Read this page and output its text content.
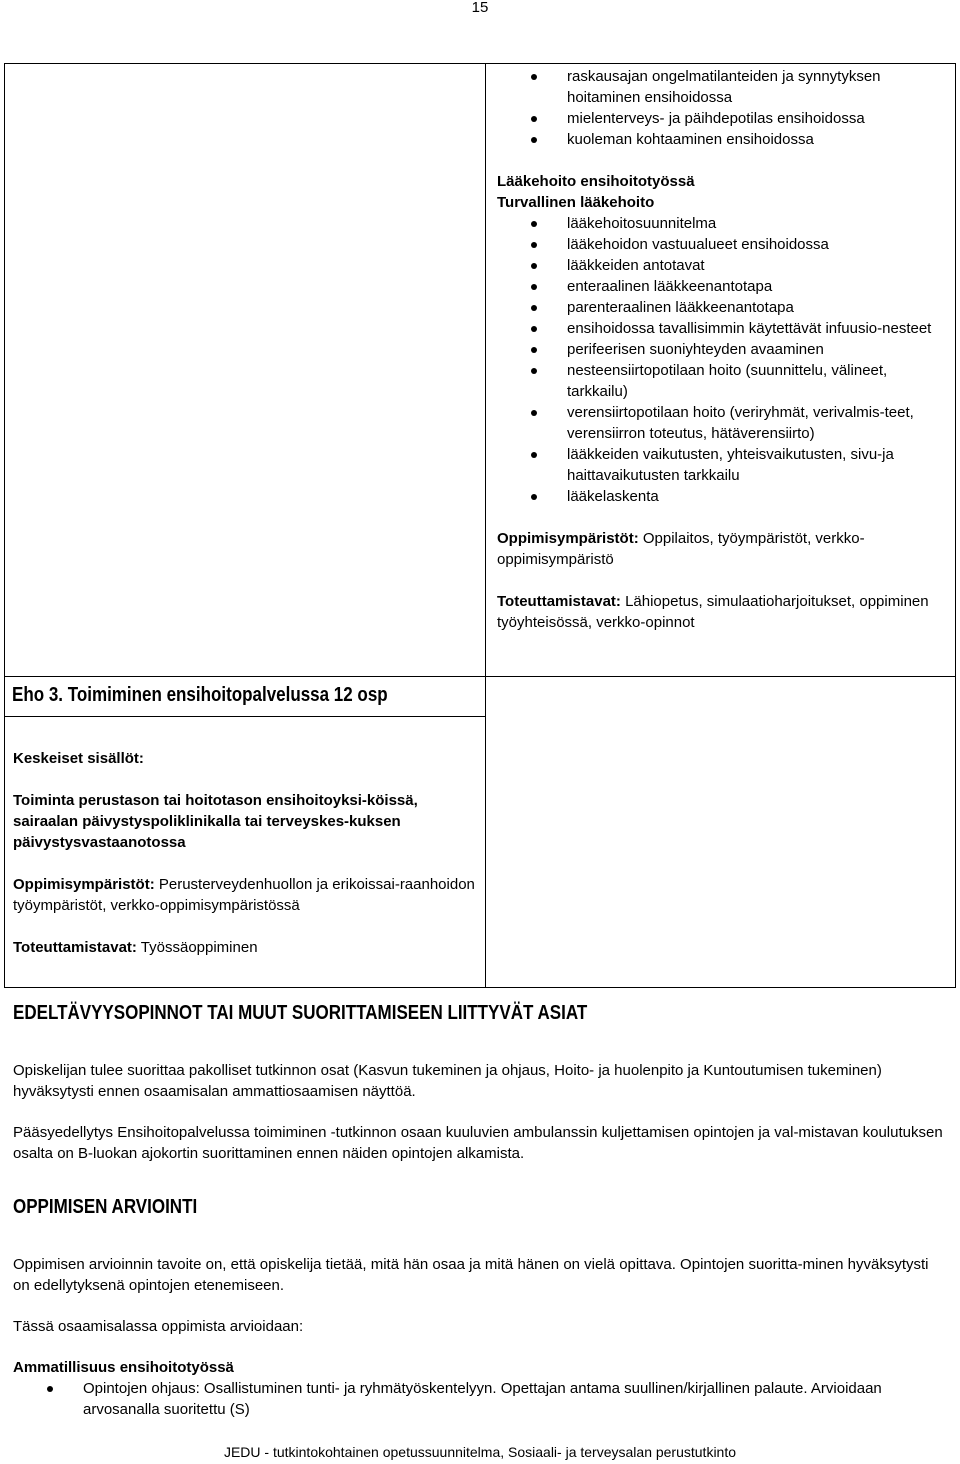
15
raskausajan ongelmatilanteiden ja synnytyksen hoitaminen ensihoidossa
mielenterveys- ja päihdepotilas ensihoidossa
kuoleman kohtaaminen ensihoidossa
Lääkehoito ensihoitotyössä
Turvallinen lääkehoito
lääkehoitosuunnitelma
lääkehoidon vastuualueet ensihoidossa
lääkkeiden antotavat
enteraalinen lääkkeenantotapa
parenteraalinen lääkkeenantotapa
ensihoidossa tavallisimmin käytettävät infuusio-nesteet
perifeerisen suoniyhteyden avaaminen
nesteensiirtopotilaan hoito (suunnittelu, välineet, tarkkailu)
verensiirtopotilaan hoito (veriryhmät, verivalmis-teet, verensiirron toteutus, hätäverensiirto)
lääkkeiden vaikutusten, yhteisvaikutusten, sivu-ja haittavaikutusten tarkkailu
lääkelaskenta
Oppimisympäristöt: Oppilaitos, työympäristöt, verkko-oppimisympäristö
Toteuttamistavat: Lähiopetus, simulaatioharjoitukset, oppiminen työyhteisössä, verkko-opinnot
Eho 3. Toimiminen ensihoitopalvelussa 12 osp
Keskeiset sisällöt:
Toiminta perustason tai hoitotason ensihoitoyksi-köissä, sairaalan päivystyspoliklinikalla tai terveyskes-kuksen päivystysvastaanotossa
Oppimisympäristöt: Perusterveydenhuollon ja erikoissai-raanhoidon työympäristöt, verkko-oppimisympäristössä
Toteuttamistavat: Työssäoppiminen
EDELTÄVYYSOPINNOT TAI MUUT SUORITTAMISEEN LIITTYVÄT ASIAT
Opiskelijan tulee suorittaa pakolliset tutkinnon osat (Kasvun tukeminen ja ohjaus, Hoito- ja huolenpito ja Kuntoutumisen tukeminen) hyväksytysti ennen osaamisalan ammattiosaamisen näyttöä.
Pääsyedellytys Ensihoitopalvelussa toimiminen -tutkinnon osaan kuuluvien ambulanssin kuljettamisen opintojen ja val-mistavan koulutuksen osalta on B-luokan ajokortin suorittaminen ennen näiden opintojen alkamista.
OPPIMISEN ARVIOINTI
Oppimisen arvioinnin tavoite on, että opiskelija tietää, mitä hän osaa ja mitä hänen on vielä opittava. Opintojen suoritta-minen hyväksytysti on edellytyksenä opintojen etenemiseen.
Tässä osaamisalassa oppimista arvioidaan:
Ammatillisuus ensihoitotyössä
Opintojen ohjaus: Osallistuminen tunti- ja ryhmätyöskentelyyn. Opettajan antama suullinen/kirjallinen palaute. Arvioidaan arvosanalla suoritettu (S)
JEDU - tutkintokohtainen opetussuunnitelma, Sosiaali- ja terveysalan perustutkinto
